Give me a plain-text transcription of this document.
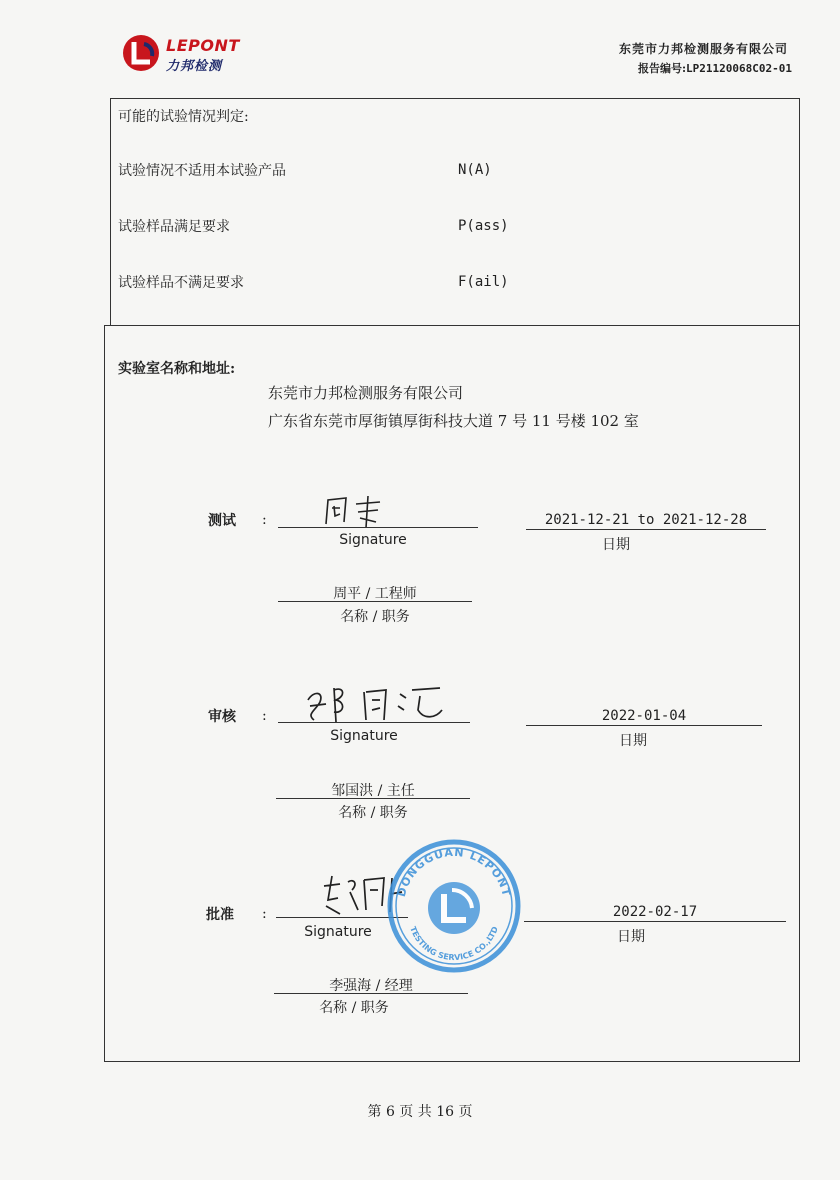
LEPONT
力邦检测
东莞市力邦检测服务有限公司
报告编号:LP21120068C02-01
可能的试验情况判定:
试验情况不适用本试验产品	N(A)
试验样品满足要求	P(ass)
试验样品不满足要求	F(ail)
实验室名称和地址:
东莞市力邦检测服务有限公司
广东省东莞市厚街镇厚街科技大道 7 号 11 号楼 102 室
测试 :
Signature
2021-12-21 to 2021-12-28
日期
周平 / 工程师
名称 / 职务
审核 :
Signature
2022-01-04
日期
邹国洪 / 主任
名称 / 职务
批准 :
Signature
2022-02-17
日期
李强海 / 经理
名称 / 职务
DONGGUAN LEPONT
TESTING SERVICE CO.,LTD
第 6 页 共 16 页
